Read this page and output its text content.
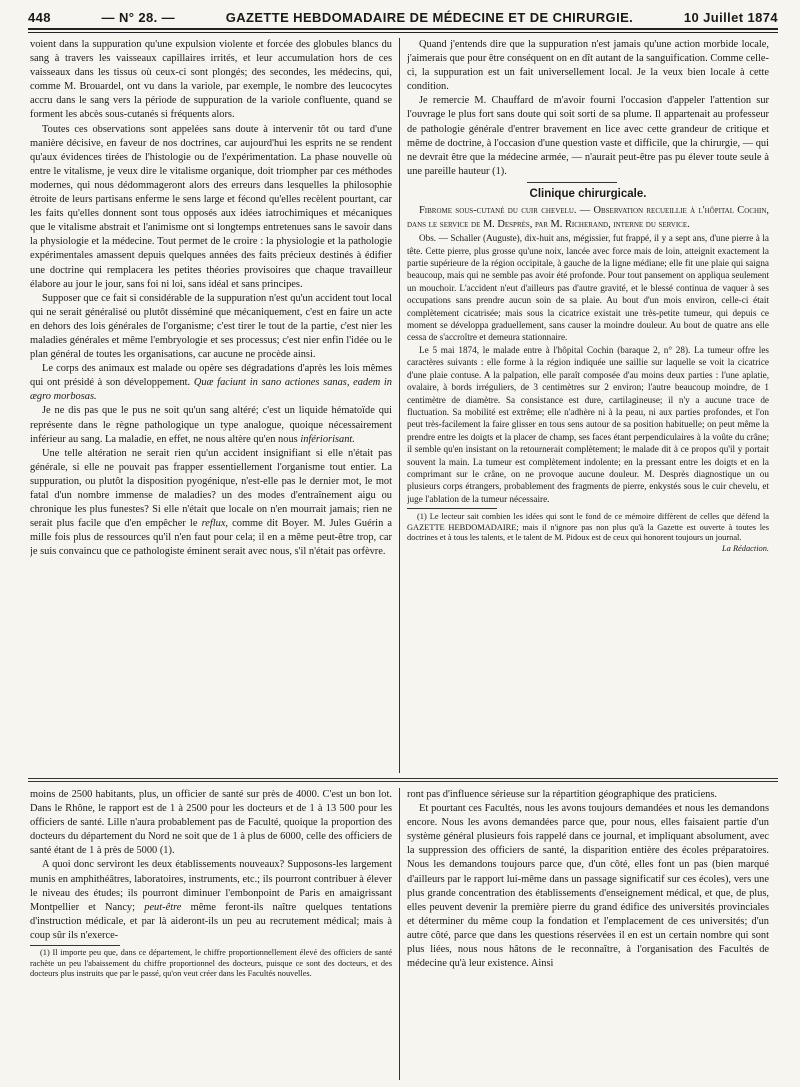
448	— N° 28. —	GAZETTE HEBDOMADAIRE DE MÉDECINE ET DE CHIRURGIE.	10 Juillet 1874

voient dans la suppuration qu'une expulsion violente et forcée des globules blancs du sang à travers les vaisseaux capillaires irrités, et leur accumulation hors de ces vaisseaux dans les tissus où ceux-ci sont plongés; des secondes, les médecins, qui, comme M. Brouardel, ont vu dans la variole, par exemple, le nombre des leucocytes accru dans le sang vers la période de suppuration de la variole confluente, quand se forment les abcès sous-cutanés si fréquents alors.

Toutes ces observations sont appelées sans doute à intervenir tôt ou tard d'une manière décisive, en faveur de nos doctrines, car aujourd'hui les esprits ne se rendent qu'aux évidences tirées de l'histologie ou de l'expérimentation. La phase nouvelle où entre le vitalisme, je veux dire le vitalisme organique, doit triompher par ces méthodes modernes, qui nous dédommageront alors des erreurs dans lesquelles la philosophie étroite de leurs partisans enferme le sens large et fécond qu'elles recèlent pourtant, car les faits qu'elles donnent sont tous opposés aux idées iatrochimiques et mécaniques que le vitalisme abstrait et l'animisme ont si longtemps entretenues sans le savoir dans la physiologie et la médecine. Tout permet de le croire : la physiologie et la pathologie expérimentales amassent depuis quelques années des faits précieux destinés à édifier une doctrine qui remplacera les petites théories provisoires que chaque travailleur élabore au jour le jour, sans foi ni loi, sans idéal et sans principes.

Supposer que ce fait si considérable de la suppuration n'est qu'un accident tout local qui ne serait généralisé ou plutôt disséminé que mécaniquement, c'est en faire un acte en dehors des lois générales de l'organisme; c'est tirer le tout de la partie, c'est nier les maladies générales et même l'embryologie et ses processus; c'est nier enfin l'idée ou le plan général de toutes les organisations, car aucune ne procède ainsi.

Le corps des animaux est malade ou opère ses dégradations d'après les lois mêmes qui ont présidé à son développement. Quæ faciunt in sano actiones sanas, eadem in ægro morbosas.

Je ne dis pas que le pus ne soit qu'un sang altéré; c'est un liquide hématoïde qui représente dans le règne pathologique un type analogue, quoique nécessairement inférieur au sang. La maladie, en effet, ne nous altère qu'en nous infériorisant.

Une telle altération ne serait rien qu'un accident insignifiant si elle n'était pas générale, si elle ne pouvait pas frapper essentiellement l'organisme tout entier. La suppuration, ou plutôt la disposition pyogénique, n'est-elle pas le dernier mot, le mot fatal d'un nombre immense de maladies? un des modes d'entraînement aigu ou chronique les plus funestes? Si elle n'était que locale on n'en mourrait jamais; rien ne serait plus facile que d'en empêcher le reflux, comme dit Boyer. M. Jules Guérin a mille fois plus de ressources qu'il n'en faut pour cela; il en a même peut-être trop, car je suis convaincu que ce pathologiste éminent serait avec nous, s'il n'était pas orfèvre.

Quand j'entends dire que la suppuration n'est jamais qu'une action morbide locale, j'aimerais que pour être conséquent on en dît autant de la sanguification. Comme celle-ci, la suppuration est un fait universellement local. Je la veux bien locale à cette condition.

Je remercie M. Chauffard de m'avoir fourni l'occasion d'appeler l'attention sur l'ouvrage le plus fort sans doute qui soit sorti de sa plume. Il appartenait au professeur de pathologie générale d'entrer bravement en lice avec cette grandeur de critique et même de doctrine, à l'occasion d'une question vaste et difficile, que la chirurgie, — qui ne devrait être que la médecine armée, — n'aurait peut-être pas pu élever toute seule à une pareille hauteur (1).

Clinique chirurgicale.

Fibrome sous-cutané du cuir chevelu. — Observation recueillie à l'hôpital Cochin, dans le service de M. Desprès, par M. Richerand, interne du service.

Obs. — Schaller (Auguste), dix-huit ans, mégissier, fut frappé, il y a sept ans, d'une pierre à la tête. Cette pierre, plus grosse qu'une noix, lancée avec force mais de loin, atteignit exactement la partie supérieure de la région occipitale, à gauche de la ligne médiane; elle fit une plaie qui saigna beaucoup, mais qui ne semble pas avoir été profonde. Pour tout pansement on appliqua seulement un mouchoir. L'accident n'eut d'ailleurs pas d'autre gravité, et le blessé continua de vaquer à ses occupations sans prendre aucun soin de sa plaie. Au bout d'un mois environ, celle-ci était complètement cicatrisée; mais sous la cicatrice existait une très-petite tumeur, qui depuis ce moment se développa graduellement, sans causer la moindre douleur. Au bout de quatre ans elle cessa de s'accroître et demeura stationnaire.

Le 5 mai 1874, le malade entre à l'hôpital Cochin (baraque 2, n° 28). La tumeur offre les caractères suivants : elle forme à la région indiquée une saillie sur laquelle se voit la cicatrice d'une plaie contuse. A la palpation, elle paraît composée d'au moins deux parties : l'une aplatie, ovalaire, à bords irréguliers, de 3 centimètres sur 2 environ; l'autre beaucoup moindre, de 1 centimètre de diamètre. Sa consistance est dure, cartilagineuse; il n'y a aucune trace de fluctuation. Sa mobilité est extrême; elle n'adhère ni à la peau, ni aux parties profondes, et l'on peut très-facilement la faire glisser en tous sens autour de sa position habituelle; on peut même la prendre entre les doigts et la placer de champ, ses faces étant perpendiculaires à la voûte du crâne; il semble qu'en insistant on la retournerait complètement; le malade dit à ce propos qu'il y portait souvent la main. La tumeur est complètement indolente; en la pressant entre les doigts et en la comprimant sur le crâne, on ne provoque aucune douleur. M. Desprès diagnostique un ou plusieurs corps étrangers, probablement des fragments de pierre, enkystés sous le cuir chevelu, et juge l'ablation de la tumeur nécessaire.

(1) Le lecteur sait combien les idées qui sont le fond de ce mémoire diffèrent de celles que défend la GAZETTE HEBDOMADAIRE; mais il n'ignore pas non plus qu'à la Gazette est ouverte à toutes les doctrines et à tous les talents, et le talent de M. Pidoux est de ceux qui honorent toujours un journal.

La Rédaction.

moins de 2500 habitants, plus, un officier de santé sur près de 4000. C'est un bon lot. Dans le Rhône, le rapport est de 1 à 2500 pour les docteurs et de 1 à 13 500 pour les officiers de santé. Lille n'aura probablement pas de Faculté, quoique la proportion des docteurs du département du Nord ne soit que de 1 à plus de 6000, celle des officiers de santé étant de 1 à près de 5000 (1).

A quoi donc serviront les deux établissements nouveaux? Supposons-les largement munis en amphithéâtres, laboratoires, instruments, etc.; ils pourront contribuer à élever le niveau des études; ils pourront diminuer l'embonpoint de Paris en amaigrissant Montpellier et Nancy; peut-être même feront-ils naître quelques tentations d'instruction médicale, et par là aideront-ils un peu au recrutement médical; mais à coup sûr ils n'exerce-

(1) Il importe peu que, dans ce département, le chiffre proportionnellement élevé des officiers de santé rachète un peu l'abaissement du chiffre proportionnel des docteurs, puisque ce sont des docteurs, et des docteurs plus instruits que par le passé, qu'on veut créer dans les Facultés nouvelles.

ront pas d'influence sérieuse sur la répartition géographique des praticiens.

Et pourtant ces Facultés, nous les avons toujours demandées et nous les demandons encore. Nous les avons demandées parce que, pour nous, elles faisaient partie d'un système général plusieurs fois rappelé dans ce journal, et impliquant absolument, avec la suppression des officiers de santé, la disparition entière des écoles préparatoires. Nous les demandons toujours parce que, d'un côté, elles font un pas (bien marqué d'ailleurs par le rapport lui-même dans un passage significatif sur ces écoles), vers une plus grande concentration des établissements d'enseignement médical, et que, de plus, elles peuvent devenir la première pierre du grand édifice des universités provinciales et déterminer du même coup la fondation et l'emplacement de ces universités; d'un autre côté, parce que dans les questions réservées il en est un certain nombre qui sont plus liées, nous nous hâtons de le reconnaître, à l'organisation des Facultés de médecine qu'à leur existence. Ainsi
